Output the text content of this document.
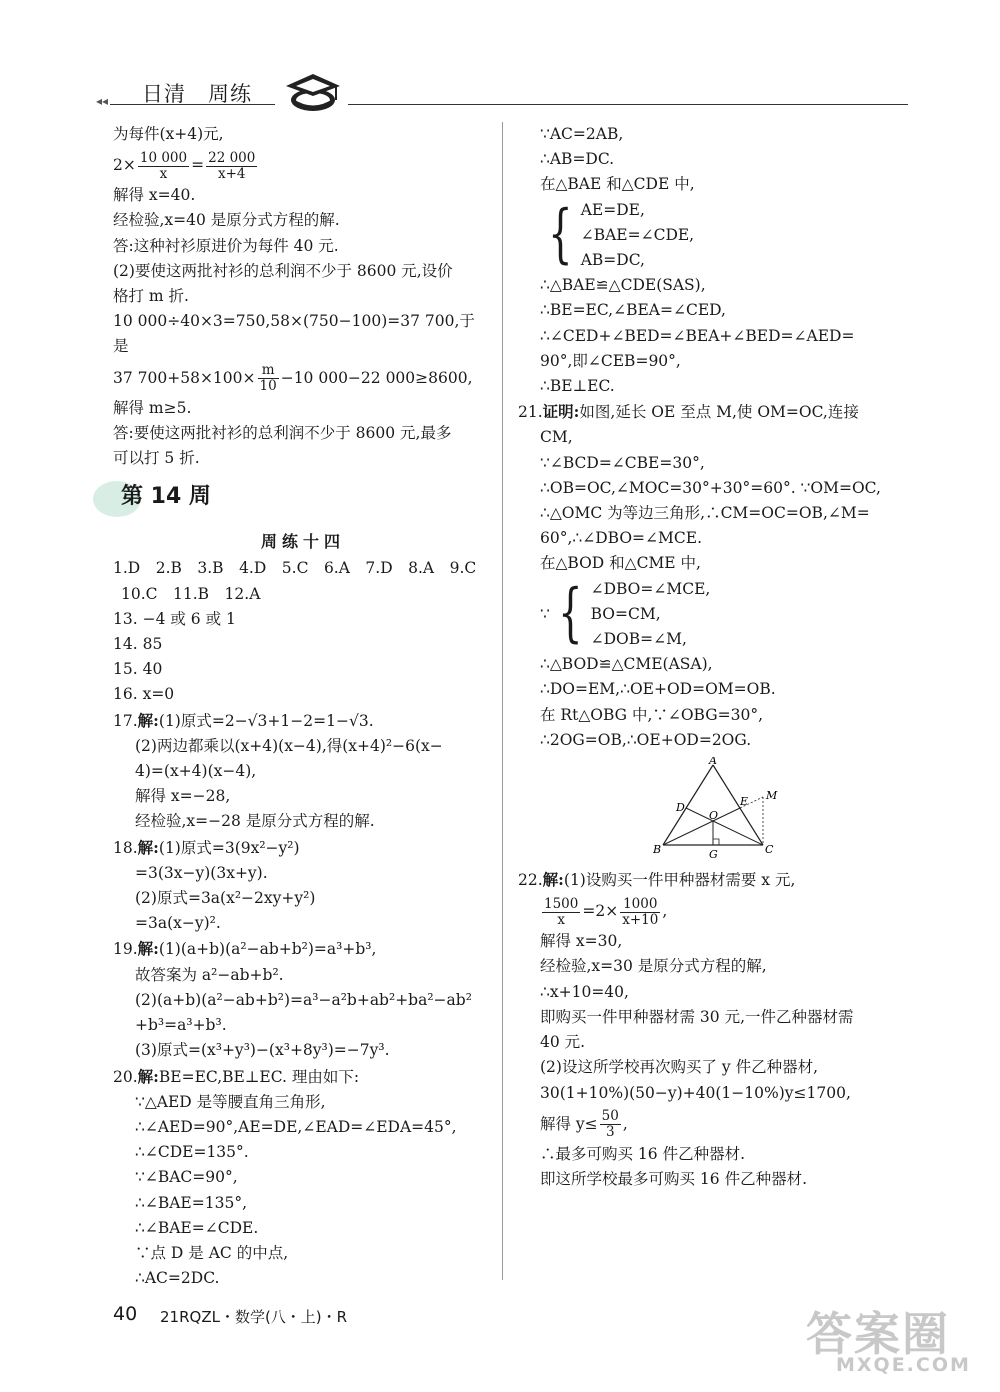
◂◂ 日清　周练
为每件(x+4)元,
$2\times \frac{10 000}{x} = \frac{22 000}{x+4}$
解得 x=40.
经检验,x=40 是原分式方程的解.
答:这种衬衫原进价为每件 40 元.
(2)要使这两批衬衫的总利润不少于 8600 元,设价
格打 m 折.
10 000÷40×3=750,58×(750−100)=37 700,于
是
37 $700+58\times 100\times \frac{m}{10} -10$ 000−22 000≥8600,
解得 m≥5.
答:要使这两批衬衫的总利润不少于 8600 元,最多
可以打 5 折.
第 14 周
周练十四
1.D　2.B　3.B　4.D　5.C　6.A　7.D　8.A　9.C
10.C　11.B　12.A
13. −4 或 6 或 1
14. 85
15. 40
16. x=0
17.解:(1)原式=2−√3+1−2=1−√3.
(2)两边都乘以(x+4)(x−4),得(x+4)²−6(x−
4)=(x+4)(x−4),
解得 x=−28,
经检验,x=−28 是原分式方程的解.
18.解:(1)原式=3(9x²−y²)
=3(3x−y)(3x+y).
(2)原式=3a(x²−2xy+y²)
=3a(x−y)².
19.解:(1)(a+b)(a²−ab+b²)=a³+b³,
故答案为 a²−ab+b².
(2)(a+b)(a²−ab+b²)=a³−a²b+ab²+ba²−ab²
+b³=a³+b³.
(3)原式=(x³+y³)−(x³+8y³)=−7y³.
20.解:BE=EC,BE⊥EC. 理由如下:
∵△AED 是等腰直角三角形,
∴∠AED=90°,AE=DE,∠EAD=∠EDA=45°,
∴∠CDE=135°.
∵∠BAC=90°,
∴∠BAE=135°,
∴∠BAE=∠CDE.
∵点 D 是 AC 的中点,
∴AC=2DC.
∵AC=2AB,
∴AB=DC.
在△BAE 和△CDE 中,
{ AE=DE,
∠BAE=∠CDE,
AB=DC,
∴△BAE≌△CDE(SAS),
∴BE=EC,∠BEA=∠CED,
∴∠CED+∠BED=∠BEA+∠BED=∠AED=
90°,即∠CEB=90°,
∴BE⊥EC.
21.证明:如图,延长 OE 至点 M,使 OM=OC,连接
CM,
∵∠BCD=∠CBE=30°,
∴OB=OC,∠MOC=30°+30°=60°. ∵OM=OC,
∴△OMC 为等边三角形,∴CM=OC=OB,∠M=
60°,∴∠DBO=∠MCE.
在△BOD 和△CME 中,
∵ { ∠DBO=∠MCE,
BO=CM,
∠DOB=∠M,
∴△BOD≌△CME(ASA),
∴DO=EM,∴OE+OD=OM=OB.
在 Rt△OBG 中,∵∠OBG=30°,
∴2OG=OB,∴OE+OD=2OG.
A
B	C
D	E
O
G
M
22.解:(1)设购买一件甲种器材需要 x 元,
$\frac{1500}{x} =2\times \frac{1000}{x+10}$ ,
解得 x=30,
经检验,x=30 是原分式方程的解,
∴x+10=40,
即购买一件甲种器材需 30 元,一件乙种器材需
40 元.
(2)设这所学校再次购买了 y 件乙种器材,
30(1+10%)(50−y)+40(1−10%)y≤1700,
解得 $y\le \frac{50}{3}$ ,
∴最多可购买 16 件乙种器材.
即这所学校最多可购买 16 件乙种器材.
40 21RQZL・数学(八・上)・R	答案圈
MXQE.COM
